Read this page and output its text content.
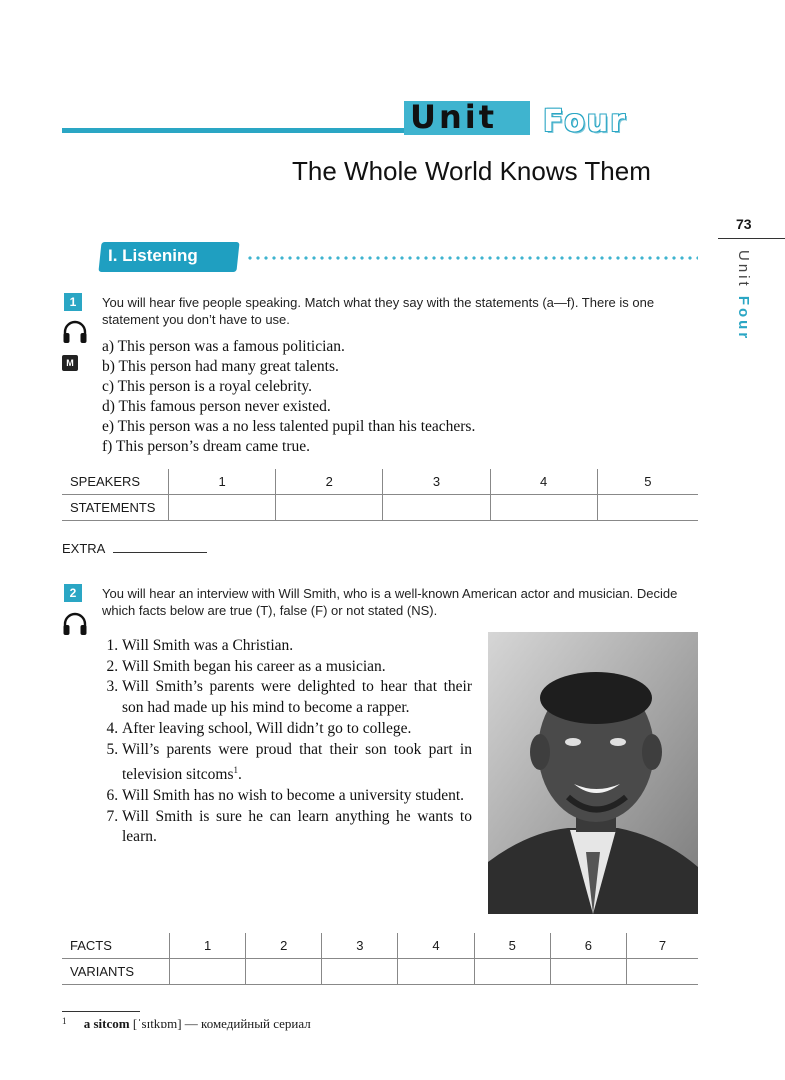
Unit Four
The Whole World Knows Them
73
Unit Four
I. Listening
1
M
You will hear five people speaking. Match what they say with the statements (a—f). There is one statement you don’t have to use.
a) This person was a famous politician.
b) This person had many great talents.
c) This person is a royal celebrity.
d) This famous person never existed.
e) This person was a no less talented pupil than his teachers.
f) This person’s dream came true.
SPEAKERS	1	2	3	4	5
STATEMENTS					
EXTRA
2	You will hear an interview with Will Smith, who is a well-known American actor and musician. Decide which facts below are true (T), false (F) or not stated (NS).
1. Will Smith was a Christian.
2. Will Smith began his career as a musician.
3. Will Smith’s parents were delighted to hear that their son had made up his mind to become a rapper.
4. After leaving school, Will didn’t go to college.
5. Will’s parents were proud that their son took part in television sitcoms$^1$.
6. Will Smith has no wish to become a university student.
7. Will Smith is sure he can learn anything he wants to learn.
FACTS	1	2	3	4	5	6	7
VARIANTS							
$^1$ a sitcom [ˈsɪtkɒm] — комедийный сериал
